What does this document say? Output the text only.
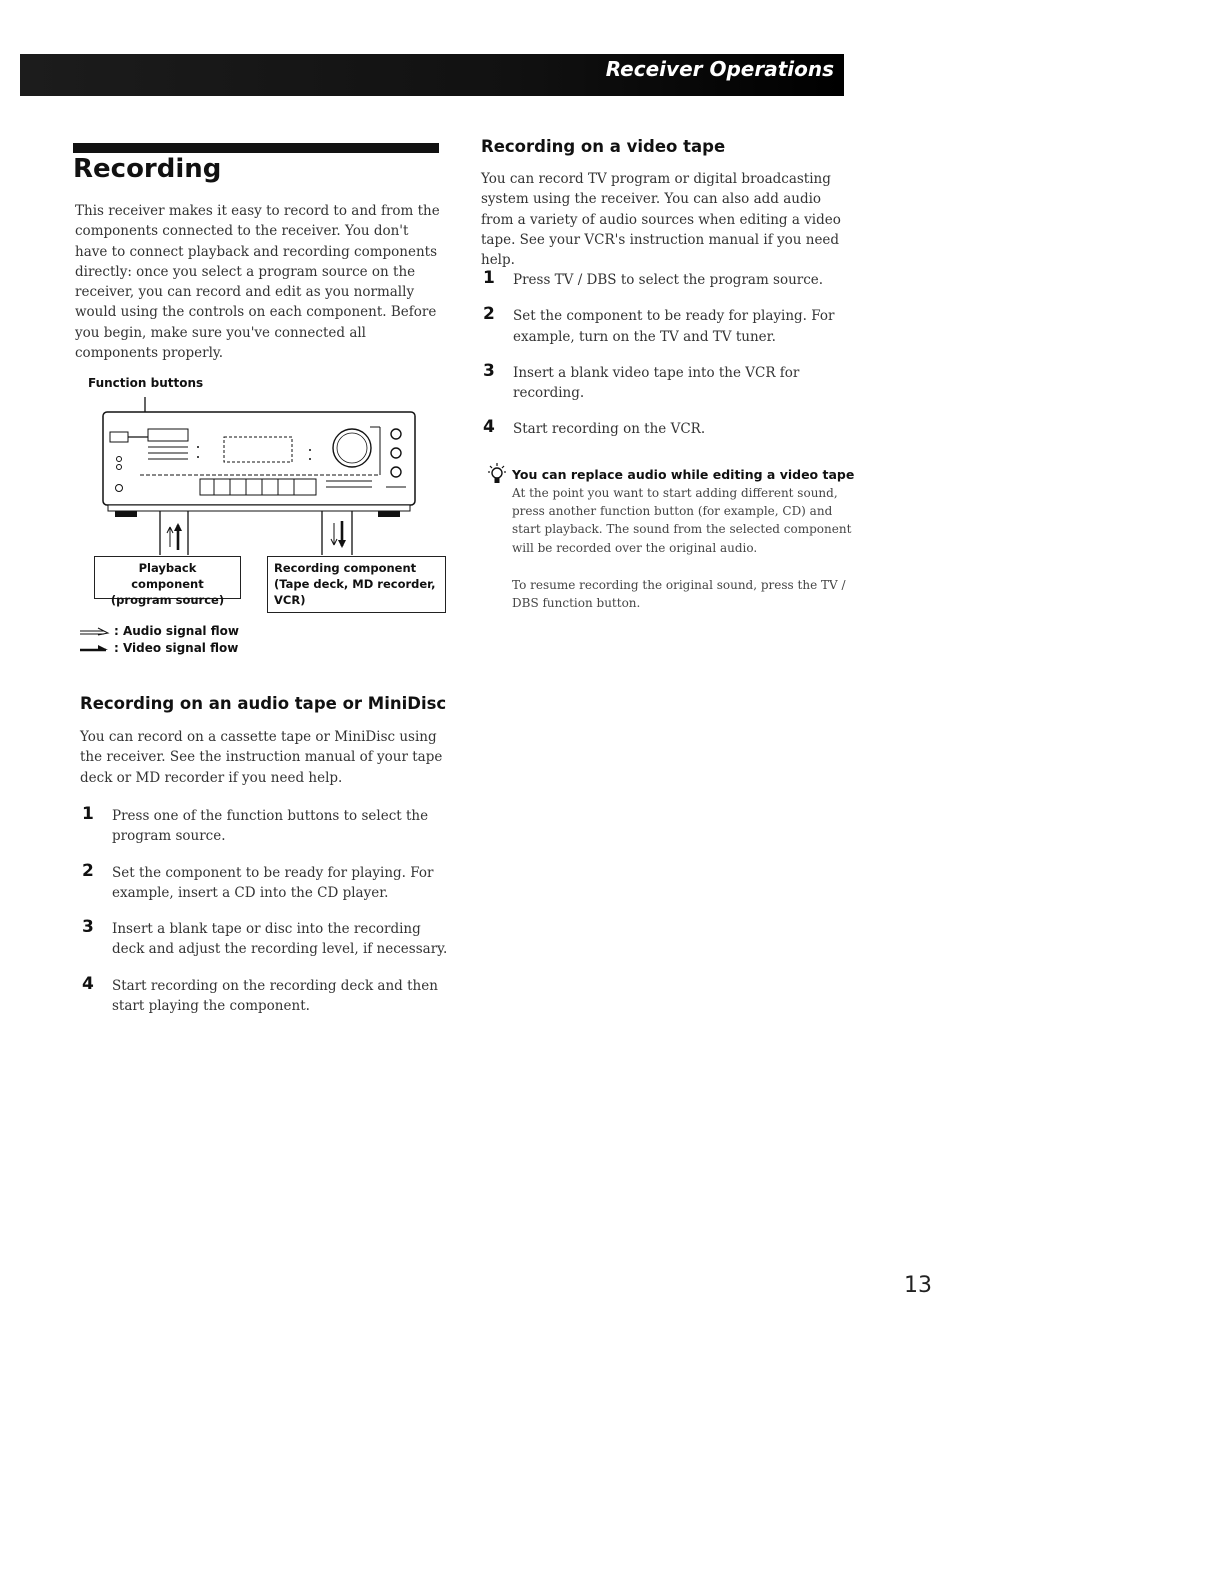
Receiver Operations
Recording
This receiver makes it easy to record to and from the components connected to the receiver. You don't have to connect playback and recording components directly: once you select a program source on the receiver, you can record and edit as you normally would using the controls on each component. Before you begin, make sure you've connected all components properly.
Function buttons
Playback component (program source)
Recording component (Tape deck, MD recorder, VCR)
: Audio signal flow
: Video signal flow
Recording on an audio tape or MiniDisc
You can record on a cassette tape or MiniDisc using the receiver. See the instruction manual of your tape deck or MD recorder if you need help.
1 Press one of the function buttons to select the program source.
2 Set the component to be ready for playing. For example, insert a CD into the CD player.
3 Insert a blank tape or disc into the recording deck and adjust the recording level, if necessary.
4 Start recording on the recording deck and then start playing the component.
Recording on a video tape
You can record TV program or digital broadcasting system using the receiver. You can also add audio from a variety of audio sources when editing a video tape. See your VCR's instruction manual if you need help.
1 Press TV / DBS to select the program source.
2 Set the component to be ready for playing. For example, turn on the TV and TV tuner.
3 Insert a blank video tape into the VCR for recording.
4 Start recording on the VCR.
You can replace audio while editing a video tape
At the point you want to start adding different sound, press another function button (for example, CD) and start playback. The sound from the selected component will be recorded over the original audio.
To resume recording the original sound, press the TV / DBS function button.
13
